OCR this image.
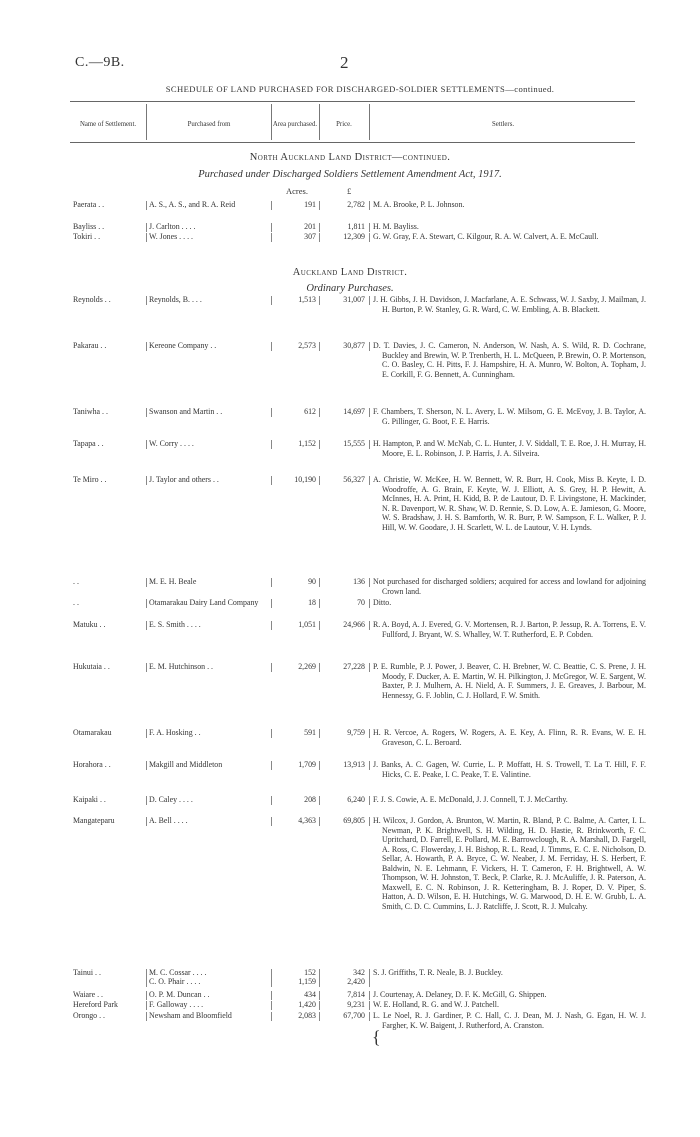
C.—9B.	2
SCHEDULE OF LAND PURCHASED FOR DISCHARGED-SOLDIER SETTLEMENTS—continued.
Name of Settlement.	Purchased from	Area purchased.	Price.	Settlers.
North Auckland Land District—continued.
Purchased under Discharged Soldiers Settlement Amendment Act, 1917.
Acres.	£
Auckland Land District.
Ordinary Purchases.
{
Paerata . .	A. S., A. S., and R. A. Reid	191	2,782 M. A. Brooke, P. L. Johnson.
Bayliss . .	J. Carlton . . . .	201	1,811 H. M. Bayliss.
Tokiri . .	W. Jones . . . .	307	12,309 G. W. Gray, F. A. Stewart, C. Kilgour, R. A. W. Calvert, A. E. McCaull.
Reynolds . .	Reynolds, B. . . .	1,513	31,007 J. H. Gibbs, J. H. Davidson, J. Macfarlane, A. E. Schwass, W. J. Saxby, J. Mailman, J. H. Burton, P. W. Stanley, G. R. Ward, C. W. Embling, A. B. Blackett.
Pakarau . .	Kereone Company . .	2,573	30,877 D. T. Davies, J. C. Cameron, N. Anderson, W. Nash, A. S. Wild, R. D. Cochrane, Buckley and Brewin, W. P. Trenberth, H. L. McQueen, P. Brewin, O. P. Mortenson, C. O. Basley, C. H. Pitts, F. J. Hampshire, H. A. Munro, W. Bolton, A. Topham, J. E. Corkill, F. G. Bennett, A. Cunningham.
Taniwha . .	Swanson and Martin . .	612	14,697 F. Chambers, T. Sherson, N. L. Avery, L. W. Milsom, G. E. McEvoy, J. B. Taylor, A. G. Pillinger, G. Boot, F. E. Harris.
Tapapa . .	W. Corry . . . .	1,152	15,555 H. Hampton, P. and W. McNab, C. L. Hunter, J. V. Siddall, T. E. Roe, J. H. Murray, H. Moore, E. L. Robinson, J. P. Harris, J. A. Silveira.
Te Miro . .	J. Taylor and others . .	10,190	56,327 A. Christie, W. McKee, H. W. Bennett, W. R. Burr, H. Cook, Miss B. Keyte, I. D. Woodroffe, A. G. Brain, F. Keyte, W. J. Elliott, A. S. Grey, H. P. Hewitt, A. McInnes, H. A. Print, H. Kidd, B. P. de Lautour, D. F. Livingstone, H. Mackinder, N. R. Davenport, W. R. Shaw, W. D. Rennie, S. D. Low, A. E. Jamieson, G. Moore, W. S. Bradshaw, J. H. S. Bamforth, W. R. Burr, P. W. Sampson, F. L. Walker, P. J. Hill, W. W. Goodare, J. H. Scarlett, W. L. de Lautour, V. H. Lynds.
. .	M. E. H. Beale	90	136 Not purchased for discharged soldiers; acquired for access and lowland for adjoining Crown land.
. .	Otamarakau Dairy Land Company	18	70 Ditto.
Matuku . .	E. S. Smith . . . .	1,051	24,966 R. A. Boyd, A. J. Evered, G. V. Mortensen, R. J. Barton, P. Jessup, R. A. Torrens, E. V. Fullford, J. Bryant, W. S. Whalley, W. T. Rutherford, E. P. Cobden.
Hukutaia . .	E. M. Hutchinson . .	2,269	27,228 P. E. Rumble, P. J. Power, J. Beaver, C. H. Brebner, W. C. Beattie, C. S. Prene, J. H. Moody, F. Ducker, A. E. Martin, W. H. Pilkington, J. McGregor, W. E. Sargent, W. Baxter, P. J. Mulhern, A. H. Nield, A. F. Summers, J. E. Greaves, J. Barbour, M. Hennessy, G. F. Joblin, C. J. Hollard, F. W. Smith.
Otamarakau	F. A. Hosking . .	591	9,759 H. R. Vercoe, A. Rogers, W. Rogers, A. E. Key, A. Flinn, R. R. Evans, W. E. H. Graveson, C. L. Beroard.
Horahora . .	Makgill and Middleton	1,709	13,913 J. Banks, A. C. Gagen, W. Currie, L. P. Moffatt, H. S. Trowell, T. La T. Hill, F. F. Hicks, C. E. Peake, I. C. Peake, T. E. Valintine.
Kaipaki . .	D. Caley . . . .	208	6,240 F. J. S. Cowie, A. E. McDonald, J. J. Connell, T. J. McCarthy.
Mangateparu	A. Bell . . . .	4,363	69,805 H. Wilcox, J. Gordon, A. Brunton, W. Martin, R. Bland, P. C. Balme, A. Carter, I. L. Newman, P. K. Brightwell, S. H. Wilding, H. D. Hastie, R. Brinkworth, F. C. Upritchard, D. Farrell, E. Pollard, M. E. Barrowclough, R. A. Marshall, D. Fargell, A. Ross, C. Flowerday, J. H. Bishop, R. L. Read, J. Timms, E. C. E. Nicholson, D. Sellar, A. Howarth, P. A. Bryce, C. W. Neaber, J. M. Ferriday, H. S. Herbert, F. Baldwin, N. E. Lehmann, F. Vickers, H. T. Cameron, F. H. Brightwell, A. W. Thompson, W. H. Johnston, T. Beck, P. Clarke, R. J. McAuliffe, J. R. Paterson, A. Maxwell, E. C. N. Robinson, J. R. Ketteringham, B. J. Roper, D. V. Piper, S. Hatton, A. D. Wilson, E. H. Hutchings, W. G. Marwood, D. H. E. W. Grubb, L. A. Smith, C. D. C. Cummins, L. J. Ratcliffe, J. Scott, R. J. Mulcahy.
Tainui . .	M. C. Cossar . . . .	152	342 S. J. Griffiths, T. R. Neale, B. J. Buckley.
C. O. Phair . . . .	1,159	2,420
Waiare . .	O. P. M. Duncan . .	434	7,814 J. Courtenay, A. Delaney, D. F. K. McGill, G. Shippen.
Hereford Park	F. Galloway . . . .	1,420	9,231 W. E. Holland, R. G. and W. J. Patchell.
Orongo . .	Newsham and Bloomfield	2,083	67,700 L. Le Noel, R. J. Gardiner, P. C. Hall, C. J. Dean, M. J. Nash, G. Egan, H. W. J. Fargher, K. W. Baigent, J. Rutherford, A. Cranston.
